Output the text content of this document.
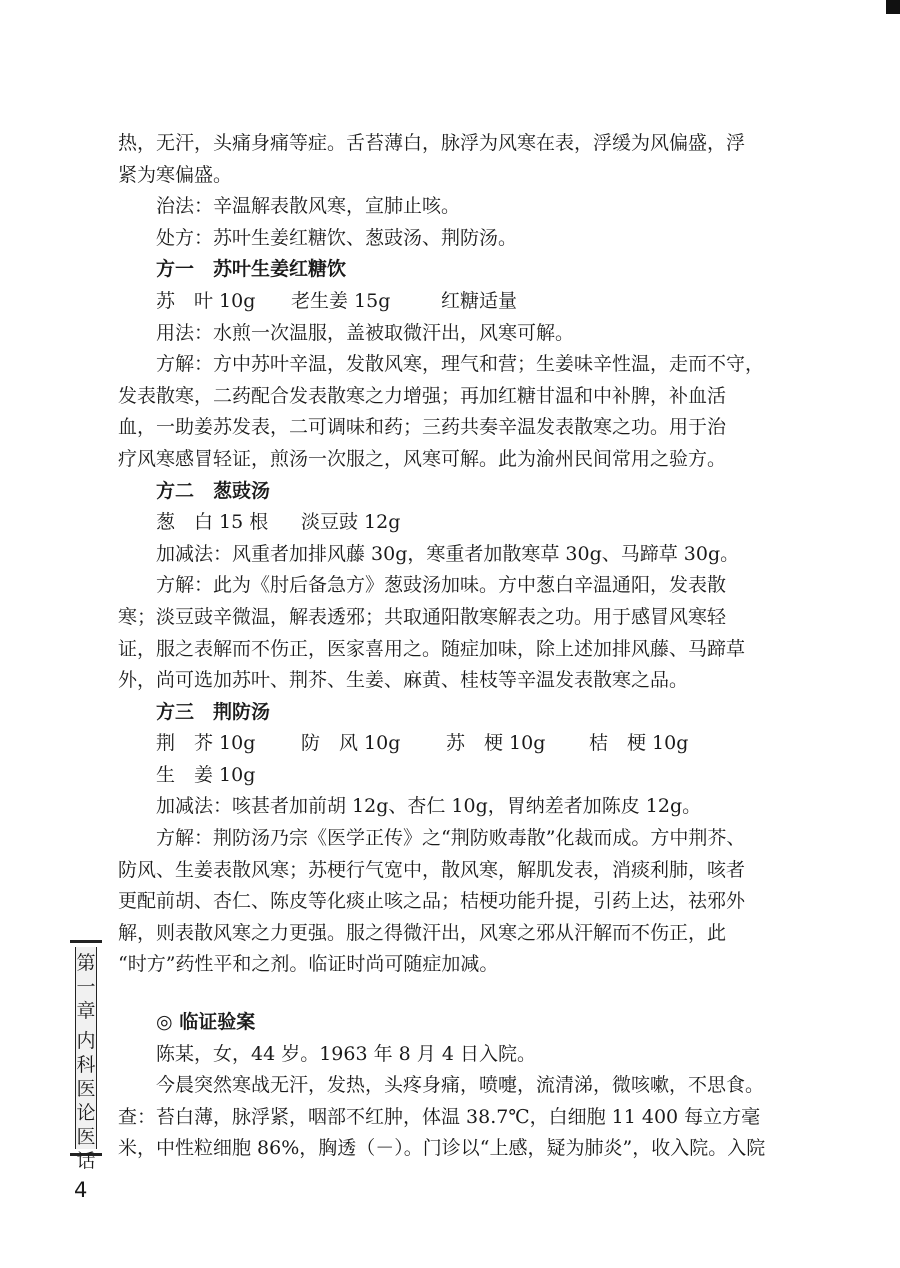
热，无汗，头痛身痛等症。舌苔薄白，脉浮为风寒在表，浮缓为风偏盛，浮
紧为寒偏盛。
治法：辛温解表散风寒，宣肺止咳。
处方：苏叶生姜红糖饮、葱豉汤、荆防汤。
方一　苏叶生姜红糖饮
苏　叶 10g 老生姜 15g	红糖适量
用法：水煎一次温服，盖被取微汗出，风寒可解。
方解：方中苏叶辛温，发散风寒，理气和营；生姜味辛性温，走而不守，
发表散寒，二药配合发表散寒之力增强；再加红糖甘温和中补脾，补血活
血，一助姜苏发表，二可调味和药；三药共奏辛温发表散寒之功。用于治
疗风寒感冒轻证，煎汤一次服之，风寒可解。此为渝州民间常用之验方。
方二　葱豉汤
葱　白 15 根 淡豆豉 12g
加减法：风重者加排风藤 30g，寒重者加散寒草 30g、马蹄草 30g。
方解：此为《肘后备急方》葱豉汤加味。方中葱白辛温通阳，发表散
寒；淡豆豉辛微温，解表透邪；共取通阳散寒解表之功。用于感冒风寒轻
证，服之表解而不伤正，医家喜用之。随症加味，除上述加排风藤、马蹄草
外，尚可选加苏叶、荆芥、生姜、麻黄、桂枝等辛温发表散寒之品。
方三　荆防汤
荆　芥 10g 防　风 10g 苏　梗 10g 桔　梗 10g
生　姜 10g
加减法：咳甚者加前胡 12g、杏仁 10g，胃纳差者加陈皮 12g。
方解：荆防汤乃宗《医学正传》之“荆防败毒散”化裁而成。方中荆芥、
防风、生姜表散风寒；苏梗行气宽中，散风寒，解肌发表，消痰利肺，咳者
更配前胡、杏仁、陈皮等化痰止咳之品；桔梗功能升提，引药上达，祛邪外
解，则表散风寒之力更强。服之得微汗出，风寒之邪从汗解而不伤正，此
“时方”药性平和之剂。临证时尚可随症加减。
◎ 临证验案
陈某，女，44 岁。1963 年 8 月 4 日入院。
今晨突然寒战无汗，发热，头疼身痛，喷嚏，流清涕，微咳嗽，不思食。
查：苔白薄，脉浮紧，咽部不红肿，体温 38.7℃，白细胞 11 400 每立方毫
米，中性粒细胞 86%，胸透（－）。门诊以“上感，疑为肺炎”，收入院。入院
第
一
章
内
科
医
论
医
话
4
